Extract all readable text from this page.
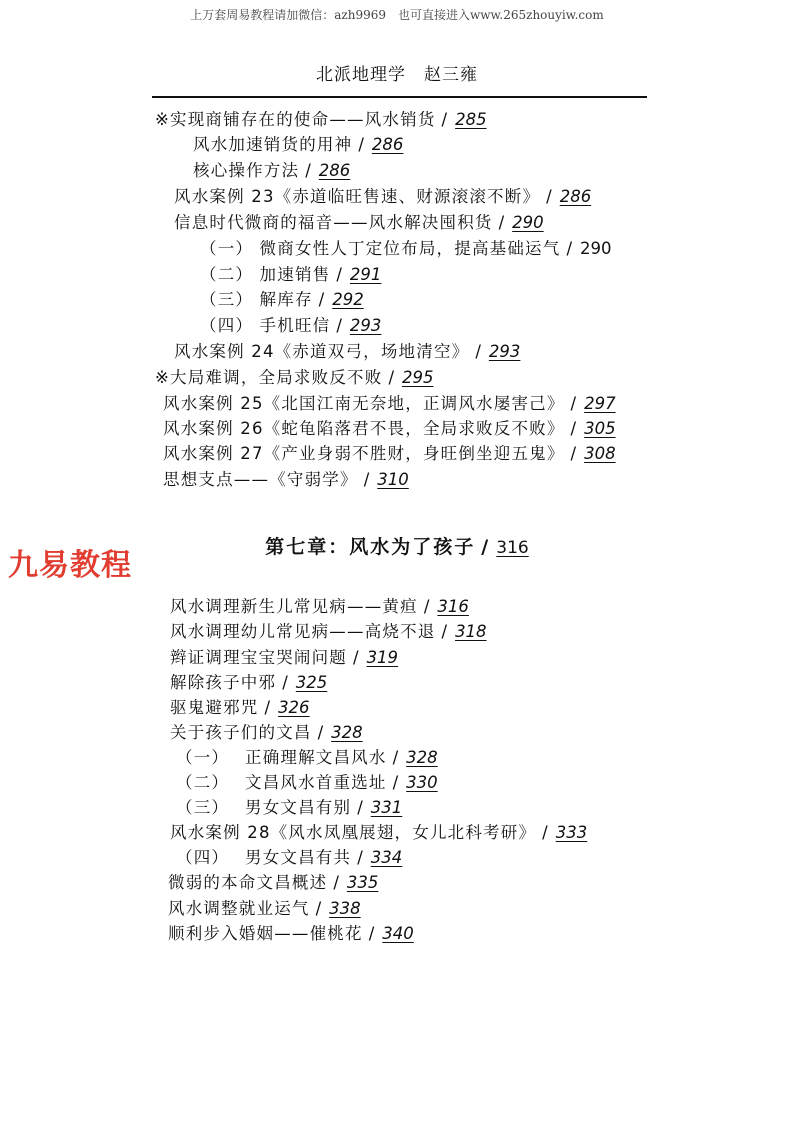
上万套周易教程请加微信：azh9969　也可直接进入www.265zhouyiw.com
北派地理学　赵三雍
※实现商铺存在的使命——风水销货 / 285
风水加速销货的用神 / 286
核心操作方法 / 286
风水案例 23《赤道临旺售速、财源滚滚不断》 / 286
信息时代微商的福音——风水解决囤积货 / 290
（一） 微商女性人丁定位布局，提高基础运气 / 290
（二） 加速销售 / 291
（三） 解库存 / 292
（四） 手机旺信 / 293
风水案例 24《赤道双弓，场地清空》 / 293
※大局难调，全局求败反不败 / 295
风水案例 25《北国江南无奈地，正调风水屡害己》 / 297
风水案例 26《蛇龟陷落君不畏，全局求败反不败》 / 305
风水案例 27《产业身弱不胜财，身旺倒坐迎五鬼》 / 308
思想支点——《守弱学》 / 310
九易教程
第七章：风水为了孩子 / 316
风水调理新生儿常见病——黄疸 / 316
风水调理幼儿常见病——高烧不退 / 318
辫证调理宝宝哭闹问题 / 319
解除孩子中邪 / 325
驱鬼避邪咒 / 326
关于孩子们的文昌 / 328
（一）　 正确理解文昌风水 / 328
（二）　 文昌风水首重选址 / 330
（三）　 男女文昌有别 / 331
风水案例 28《风水凤凰展翅，女儿北科考研》 / 333
（四）　 男女文昌有共 / 334
微弱的本命文昌概述 / 335
风水调整就业运气 / 338
顺利步入婚姻——催桃花 / 340
